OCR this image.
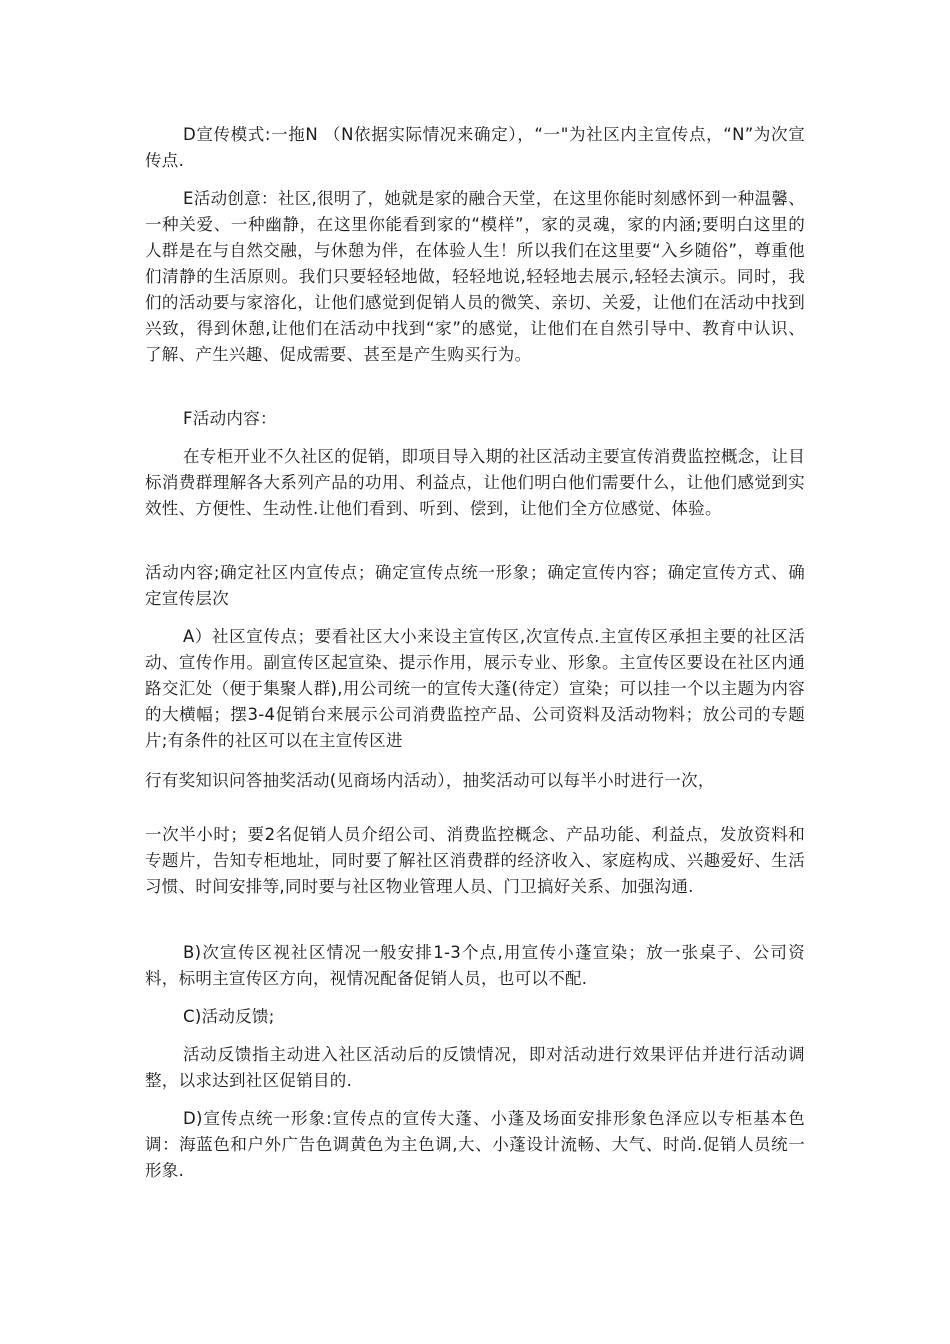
D宣传模式:一拖N （N依据实际情况来确定），“一"为社区内主宣传点，“N”为次宣传点.

E活动创意：社区,很明了，她就是家的融合天堂，在这里你能时刻感怀到一种温馨、一种关爱、一种幽静，在这里你能看到家的“模样”，家的灵魂，家的内涵;要明白这里的人群是在与自然交融，与休憩为伴，在体验人生！所以我们在这里要“入乡随俗”，尊重他们清静的生活原则。我们只要轻轻地做，轻轻地说,轻轻地去展示,轻轻去演示。同时，我们的活动要与家溶化，让他们感觉到促销人员的微笑、亲切、关爱，让他们在活动中找到兴致，得到休憩,让他们在活动中找到“家”的感觉，让他们在自然引导中、教育中认识、了解、产生兴趣、促成需要、甚至是产生购买行为。

F活动内容：

在专柜开业不久社区的促销，即项目导入期的社区活动主要宣传消费监控概念，让目标消费群理解各大系列产品的功用、利益点，让他们明白他们需要什么，让他们感觉到实效性、方便性、生动性.让他们看到、听到、偿到，让他们全方位感觉、体验。

活动内容;确定社区内宣传点；确定宣传点统一形象；确定宣传内容；确定宣传方式、确定宣传层次

A）社区宣传点；要看社区大小来设主宣传区,次宣传点.主宣传区承担主要的社区活动、宣传作用。副宣传区起宣染、提示作用，展示专业、形象。主宣传区要设在社区内通路交汇处（便于集聚人群),用公司统一的宣传大蓬(待定）宣染；可以挂一个以主题为内容的大横幅；摆3-4促销台来展示公司消费监控产品、公司资料及活动物料；放公司的专题片;有条件的社区可以在主宣传区进

行有奖知识问答抽奖活动(见商场内活动），抽奖活动可以每半小时进行一次，

一次半小时；要2名促销人员介绍公司、消费监控概念、产品功能、利益点，发放资料和专题片，告知专柜地址，同时要了解社区消费群的经济收入、家庭构成、兴趣爱好、生活习惯、时间安排等,同时要与社区物业管理人员、门卫搞好关系、加强沟通.

B)次宣传区视社区情况一般安排1-3个点,用宣传小蓬宣染；放一张桌子、公司资料，标明主宣传区方向，视情况配备促销人员，也可以不配.

C)活动反馈;

活动反馈指主动进入社区活动后的反馈情况，即对活动进行效果评估并进行活动调整，以求达到社区促销目的.

D)宣传点统一形象:宣传点的宣传大蓬、小蓬及场面安排形象色泽应以专柜基本色调：海蓝色和户外广告色调黄色为主色调,大、小蓬设计流畅、大气、时尚.促销人员统一形象.
